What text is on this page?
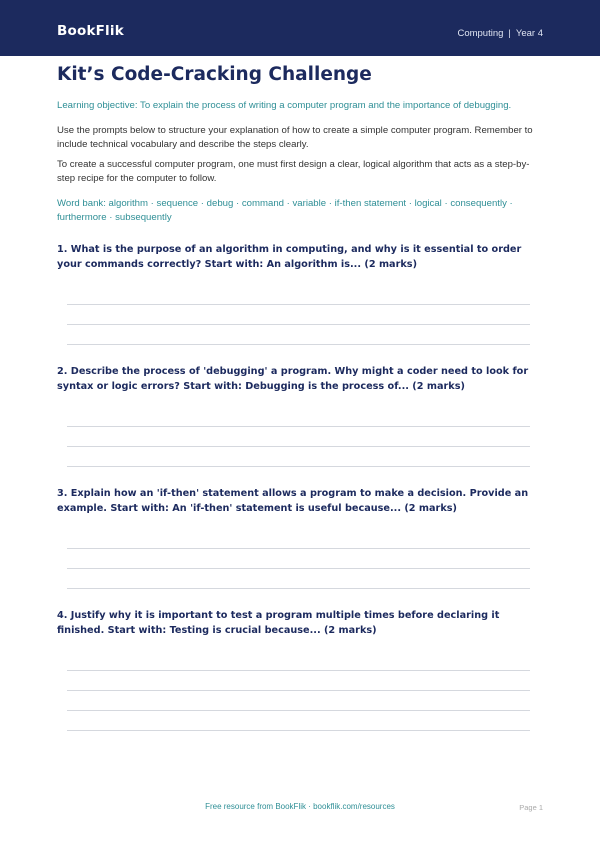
BookFlik	Computing | Year 4
Kit’s Code-Cracking Challenge
Learning objective: To explain the process of writing a computer program and the importance of debugging.
Use the prompts below to structure your explanation of how to create a simple computer program. Remember to include technical vocabulary and describe the steps clearly.
To create a successful computer program, one must first design a clear, logical algorithm that acts as a step-by-step recipe for the computer to follow.
Word bank: algorithm · sequence · debug · command · variable · if-then statement · logical · consequently · furthermore · subsequently
1. What is the purpose of an algorithm in computing, and why is it essential to order your commands correctly? Start with: An algorithm is... (2 marks)
2. Describe the process of 'debugging' a program. Why might a coder need to look for syntax or logic errors? Start with: Debugging is the process of... (2 marks)
3. Explain how an 'if-then' statement allows a program to make a decision. Provide an example. Start with: An 'if-then' statement is useful because... (2 marks)
4. Justify why it is important to test a program multiple times before declaring it finished. Start with: Testing is crucial because... (2 marks)
Free resource from BookFlik · bookflik.com/resources	Page 1
